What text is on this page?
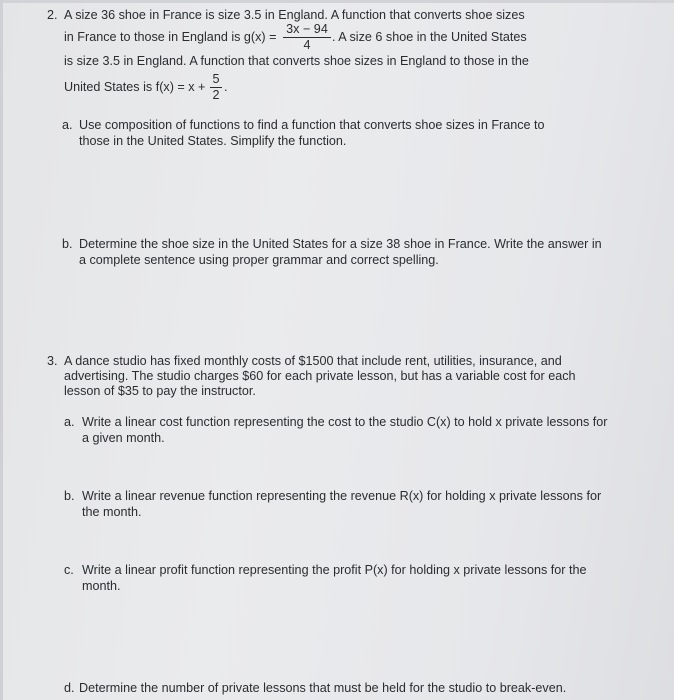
2. A size 36 shoe in France is size 3.5 in England. A function that converts shoe sizes
in France to those in England is g(x) =
3x − 94
4
. A size 6 shoe in the United States
is size 3.5 in England. A function that converts shoe sizes in England to those in the
United States is f(x) = x +
5
2
.
a. Use composition of functions to find a function that converts shoe sizes in France to
those in the United States. Simplify the function.
b. Determine the shoe size in the United States for a size 38 shoe in France. Write the answer in
a complete sentence using proper grammar and correct spelling.
3. A dance studio has fixed monthly costs of $1500 that include rent, utilities, insurance, and
advertising. The studio charges $60 for each private lesson, but has a variable cost for each
lesson of $35 to pay the instructor.
a. Write a linear cost function representing the cost to the studio C(x) to hold x private lessons for
a given month.
b. Write a linear revenue function representing the revenue R(x) for holding x private lessons for
the month.
c. Write a linear profit function representing the profit P(x) for holding x private lessons for the
month.
d. Determine the number of private lessons that must be held for the studio to break-even.
